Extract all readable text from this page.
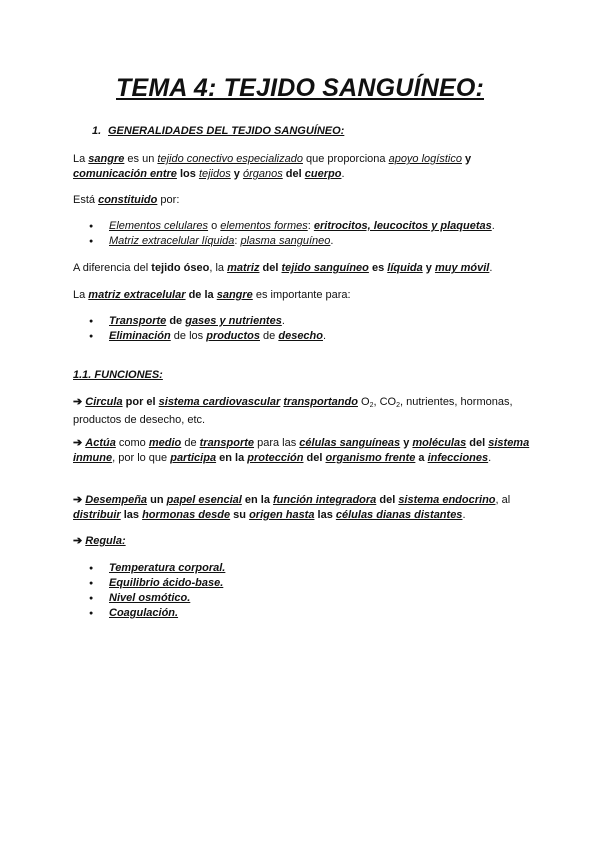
TEMA 4: TEJIDO SANGUÍNEO:
1. GENERALIDADES DEL TEJIDO SANGUÍNEO:
La sangre es un tejido conectivo especializado que proporciona apoyo logístico y comunicación entre los tejidos y órganos del cuerpo.
Está constituido por:
● Elementos celulares o elementos formes: eritrocitos, leucocitos y plaquetas.
● Matriz extracelular líquida: plasma sanguíneo.
A diferencia del tejido óseo, la matriz del tejido sanguíneo es líquida y muy móvil.
La matriz extracelular de la sangre es importante para:
● Transporte de gases y nutrientes.
● Eliminación de los productos de desecho.
1.1. FUNCIONES:
➔ Circula por el sistema cardiovascular transportando $O_2$, $CO_2$, nutrientes, hormonas, productos de desecho, etc.
➔ Actúa como medio de transporte para las células sanguíneas y moléculas del sistema inmune, por lo que participa en la protección del organismo frente a infecciones.
➔ Desempeña un papel esencial en la función integradora del sistema endocrino, al distribuir las hormonas desde su origen hasta las células dianas distantes.
➔ Regula:
● Temperatura corporal.
● Equilibrio ácido-base.
● Nivel osmótico.
● Coagulación.
